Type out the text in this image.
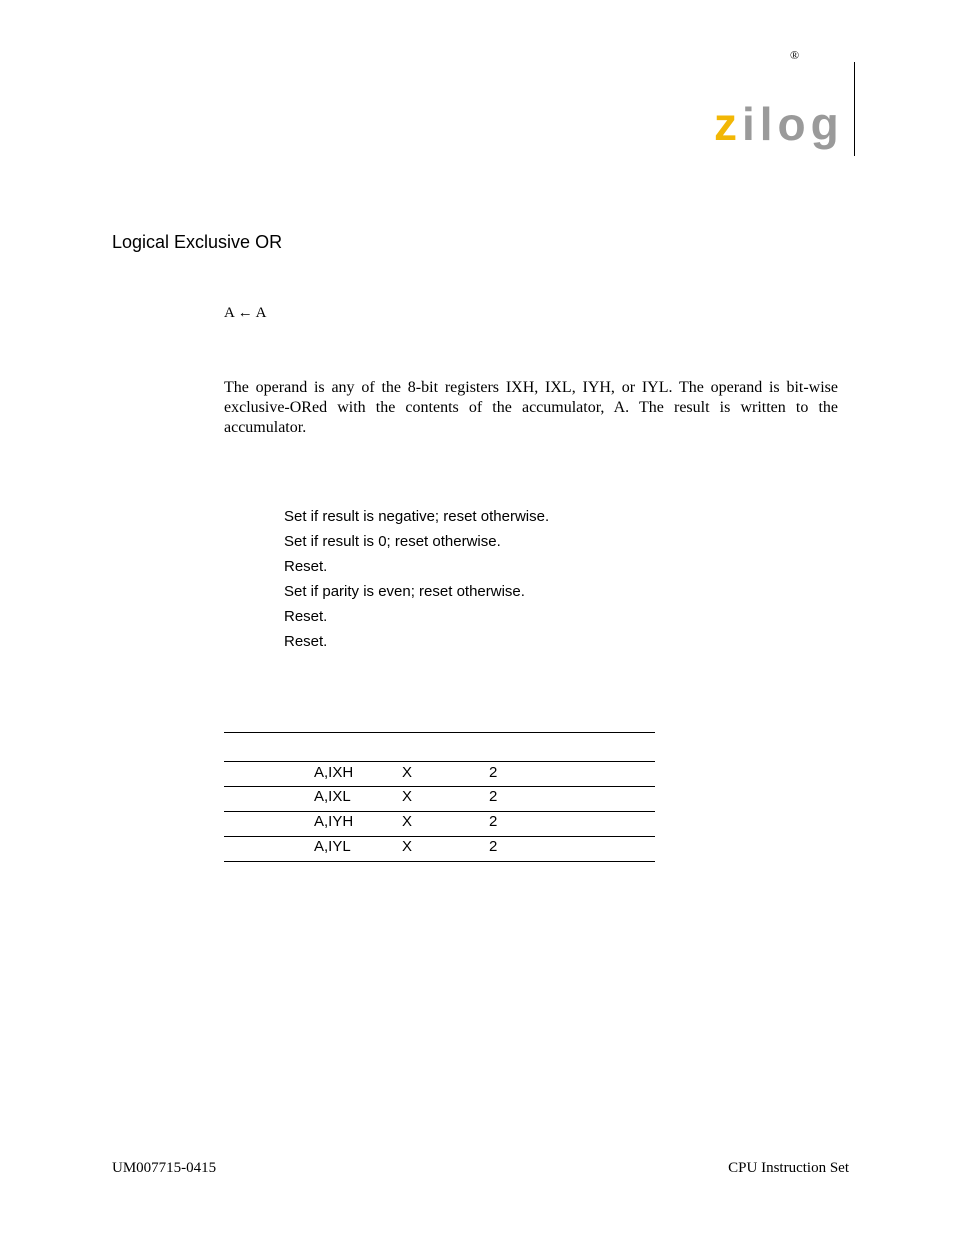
®
z ilog
Logical Exclusive OR
A ← A
The operand is any of the 8-bit registers IXH, IXL, IYH, or IYL. The operand is bit-wise exclusive-ORed with the contents of the accumulator, A. The result is written to the accumulator.
Set if result is negative; reset otherwise.
Set if result is 0; reset otherwise.
Reset.
Set if parity is even; reset otherwise.
Reset.
Reset.
A,IXH	X	2
A,IXL	X	2
A,IYH	X	2
A,IYL	X	2
UM007715-0415	CPU Instruction Set
